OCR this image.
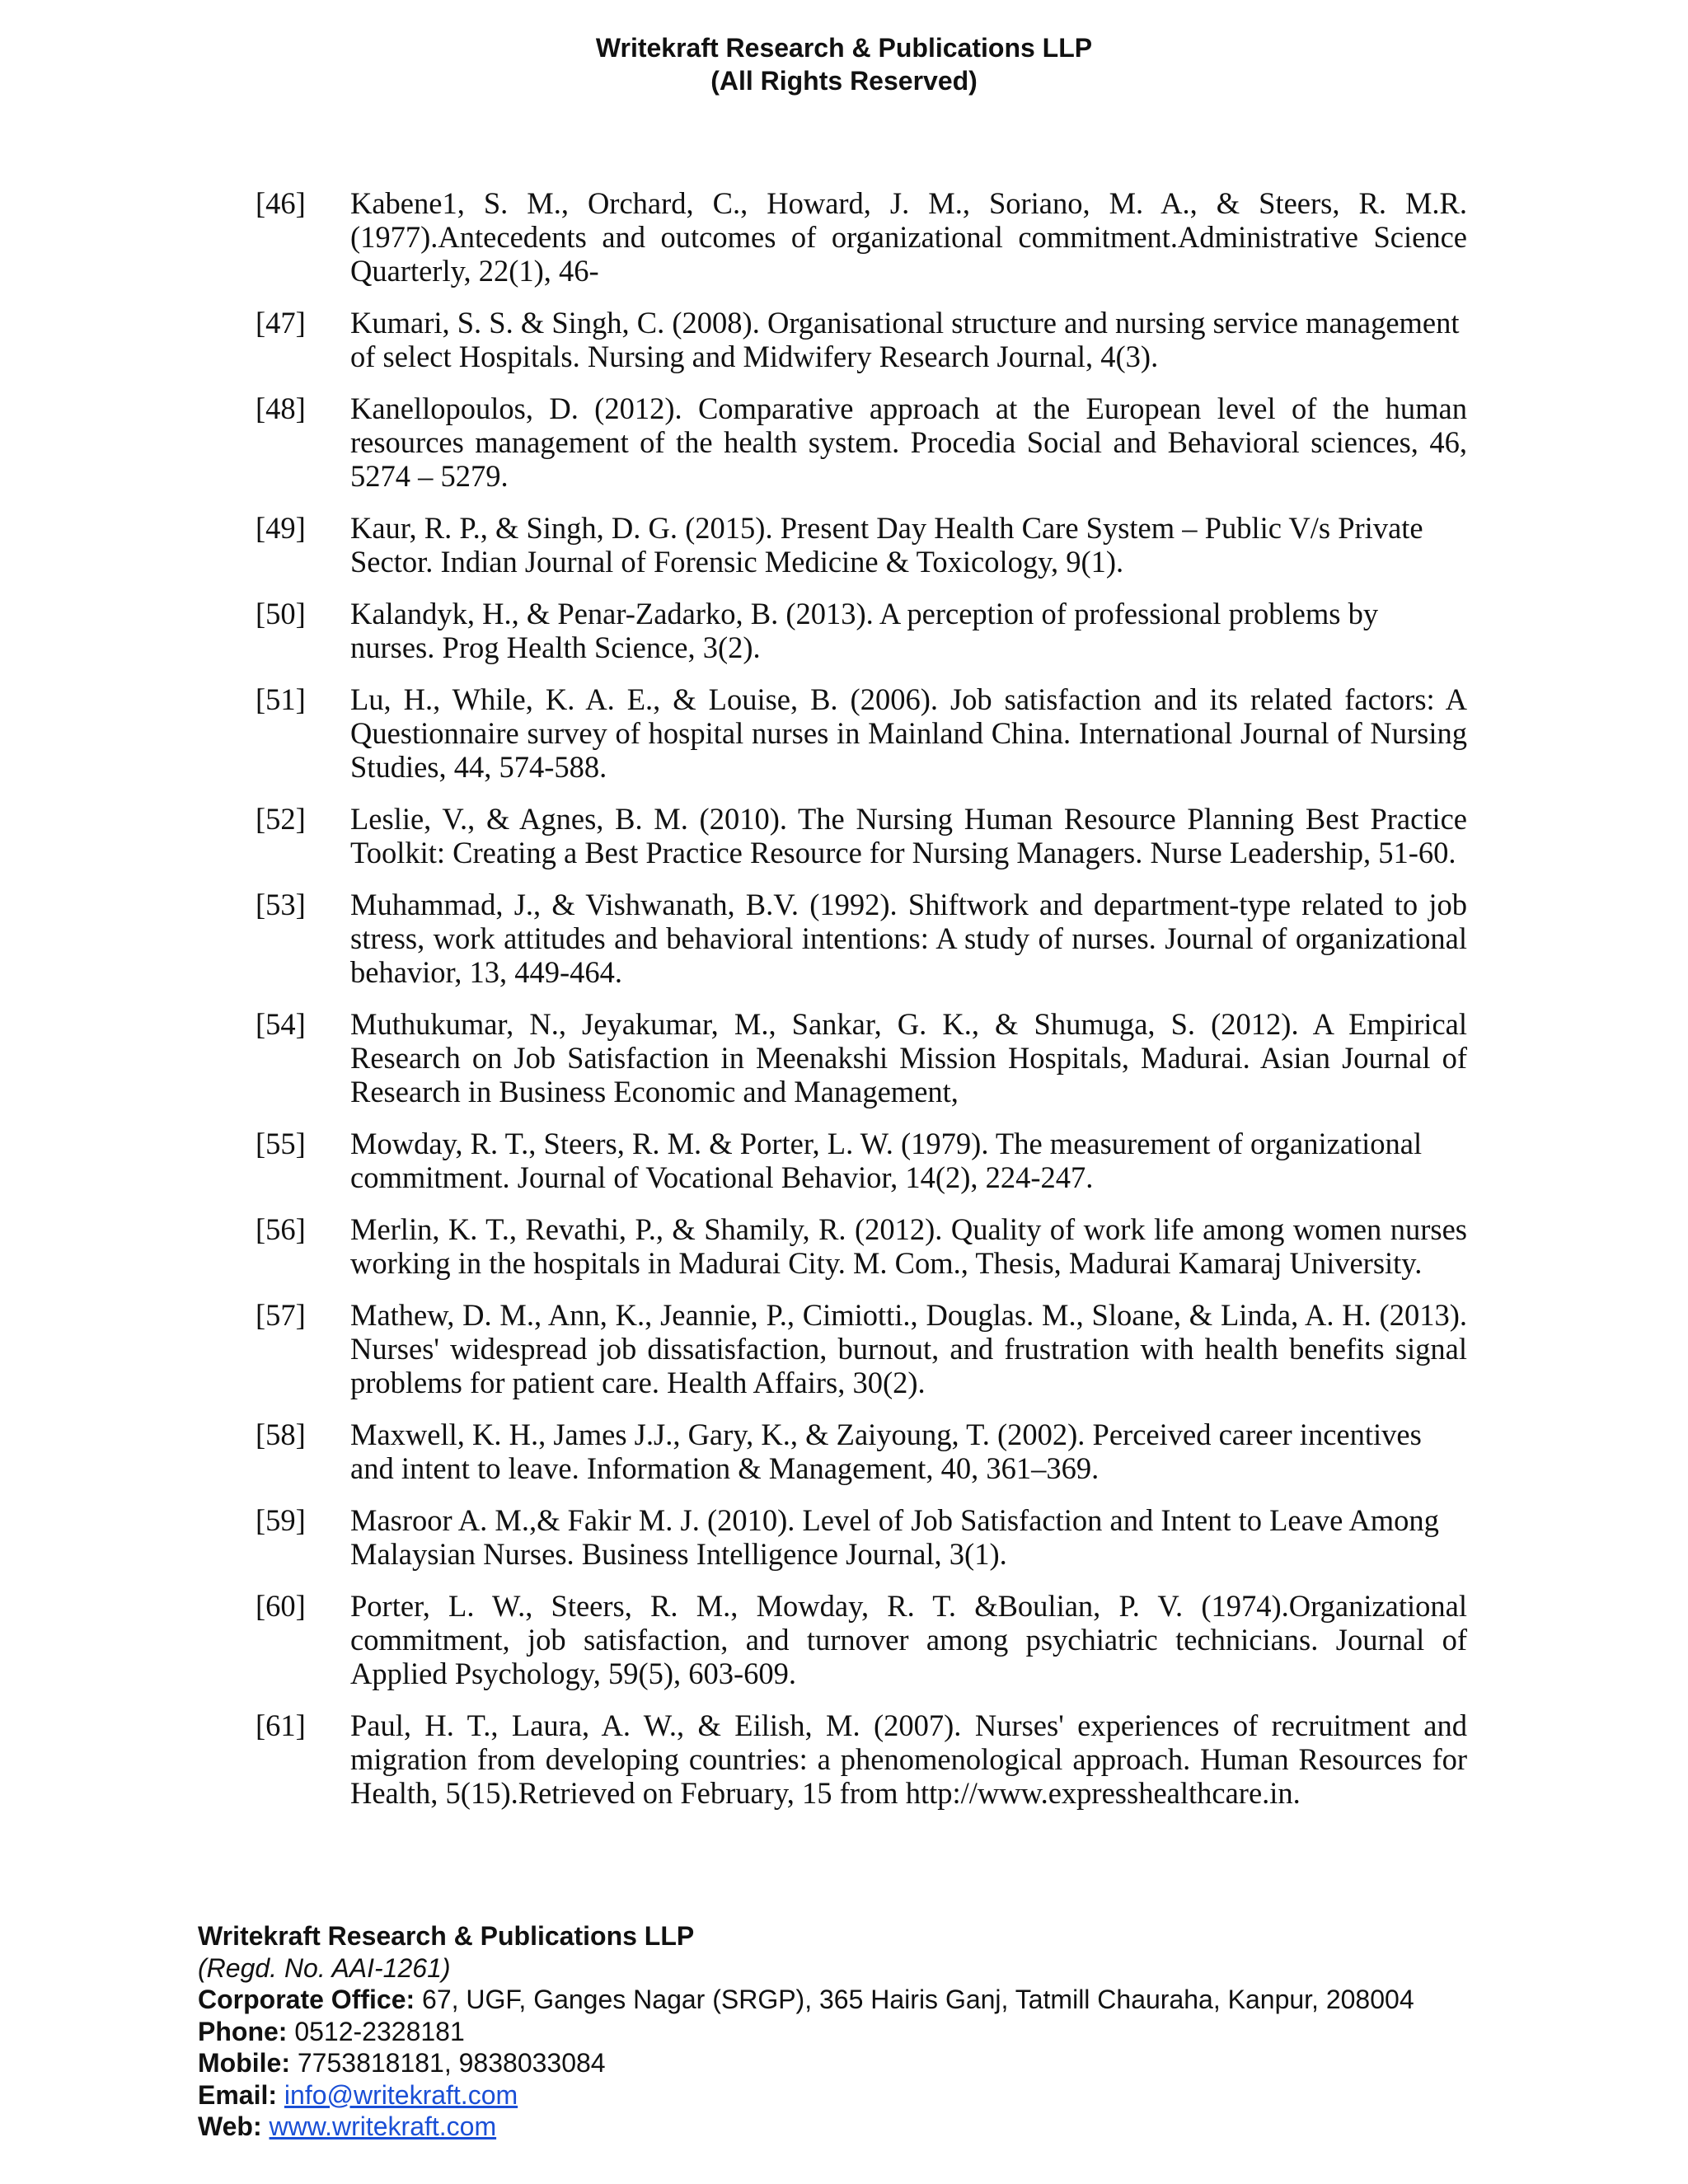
Writekraft Research & Publications LLP
(All Rights Reserved)
[46]	Kabene1, S. M., Orchard, C., Howard, J. M., Soriano, M. A., & Steers, R. M.R. (1977).Antecedents and outcomes of organizational commitment.Administrative Science Quarterly, 22(1), 46-
[47]	Kumari, S. S. & Singh, C. (2008). Organisational structure and nursing service management of select Hospitals. Nursing and Midwifery Research Journal, 4(3).
[48]	Kanellopoulos, D. (2012). Comparative approach at the European level of the human resources management of the health system. Procedia Social and Behavioral sciences, 46, 5274 – 5279.
[49]	Kaur, R. P., & Singh, D. G. (2015). Present Day Health Care System – Public V/s Private Sector. Indian Journal of Forensic Medicine & Toxicology, 9(1).
[50]	Kalandyk, H., & Penar-Zadarko, B. (2013). A perception of professional problems by nurses. Prog Health Science, 3(2).
[51]	Lu, H., While, K. A. E., & Louise, B. (2006). Job satisfaction and its related factors: A Questionnaire survey of hospital nurses in Mainland China. International Journal of Nursing Studies, 44, 574-588.
[52]	Leslie, V., & Agnes, B. M. (2010). The Nursing Human Resource Planning Best Practice Toolkit: Creating a Best Practice Resource for Nursing Managers. Nurse Leadership, 51-60.
[53]	Muhammad, J., & Vishwanath, B.V. (1992). Shiftwork and department-type related to job stress, work attitudes and behavioral intentions: A study of nurses. Journal of organizational behavior, 13, 449-464.
[54]	Muthukumar, N., Jeyakumar, M., Sankar, G. K., & Shumuga, S. (2012). A Empirical Research on Job Satisfaction in Meenakshi Mission Hospitals, Madurai. Asian Journal of Research in Business Economic and Management,
[55]	Mowday, R. T., Steers, R. M. & Porter, L. W. (1979). The measurement of organizational commitment. Journal of Vocational Behavior, 14(2), 224-247.
[56]	Merlin, K. T., Revathi, P., & Shamily, R. (2012). Quality of work life among women nurses working in the hospitals in Madurai City. M. Com., Thesis, Madurai Kamaraj University.
[57]	Mathew, D. M., Ann, K., Jeannie, P., Cimiotti., Douglas. M., Sloane, & Linda, A. H. (2013). Nurses' widespread job dissatisfaction, burnout, and frustration with health benefits signal problems for patient care. Health Affairs, 30(2).
[58]	Maxwell, K. H., James J.J., Gary, K., & Zaiyoung, T. (2002). Perceived career incentives and intent to leave. Information & Management, 40, 361–369.
[59]	Masroor A. M.,& Fakir M. J. (2010). Level of Job Satisfaction and Intent to Leave Among Malaysian Nurses. Business Intelligence Journal, 3(1).
[60]	Porter, L. W., Steers, R. M., Mowday, R. T. &Boulian, P. V. (1974).Organizational commitment, job satisfaction, and turnover among psychiatric technicians. Journal of Applied Psychology, 59(5), 603-609.
[61]	Paul, H. T., Laura, A. W., & Eilish, M. (2007). Nurses' experiences of recruitment and migration from developing countries: a phenomenological approach. Human Resources for Health, 5(15).Retrieved on February, 15 from http://www.expresshealthcare.in.
Writekraft Research & Publications LLP
(Regd. No. AAI-1261)
Corporate Office: 67, UGF, Ganges Nagar (SRGP), 365 Hairis Ganj, Tatmill Chauraha, Kanpur, 208004
Phone: 0512-2328181
Mobile: 7753818181, 9838033084
Email: info@writekraft.com
Web: www.writekraft.com
